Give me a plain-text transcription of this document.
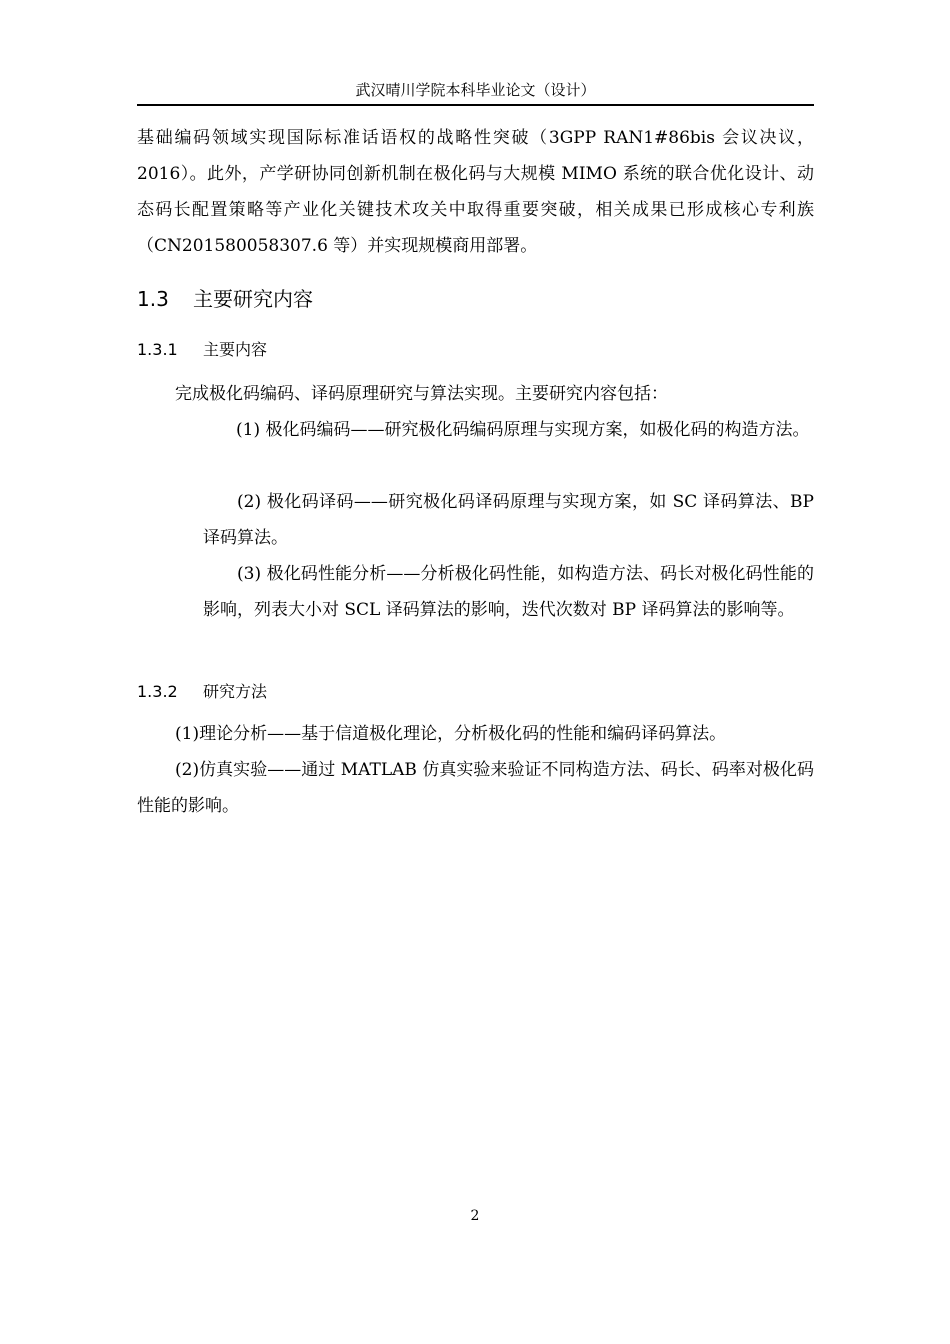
武汉晴川学院本科毕业论文（设计）

基础编码领域实现国际标准话语权的战略性突破（3GPP RAN1#86bis 会议决议，2016）。此外，产学研协同创新机制在极化码与大规模 MIMO 系统的联合优化设计、动态码长配置策略等产业化关键技术攻关中取得重要突破，相关成果已形成核心专利族（CN201580058307.6 等）并实现规模商用部署。

1.3 主要研究内容
1.3.1 主要内容
完成极化码编码、译码原理研究与算法实现。主要研究内容包括：

(1) 极化码编码——研究极化码编码原理与实现方案，如极化码的构造方法。

(2) 极化码译码——研究极化码译码原理与实现方案，如 SC 译码算法、BP 译码算法。

(3) 极化码性能分析——分析极化码性能，如构造方法、码长对极化码性能的影响，列表大小对 SCL 译码算法的影响，迭代次数对 BP 译码算法的影响等。

1.3.2 研究方法

(1)理论分析——基于信道极化理论，分析极化码的性能和编码译码算法。

(2)仿真实验——通过 MATLAB 仿真实验来验证不同构造方法、码长、码率对极化码性能的影响。

2
